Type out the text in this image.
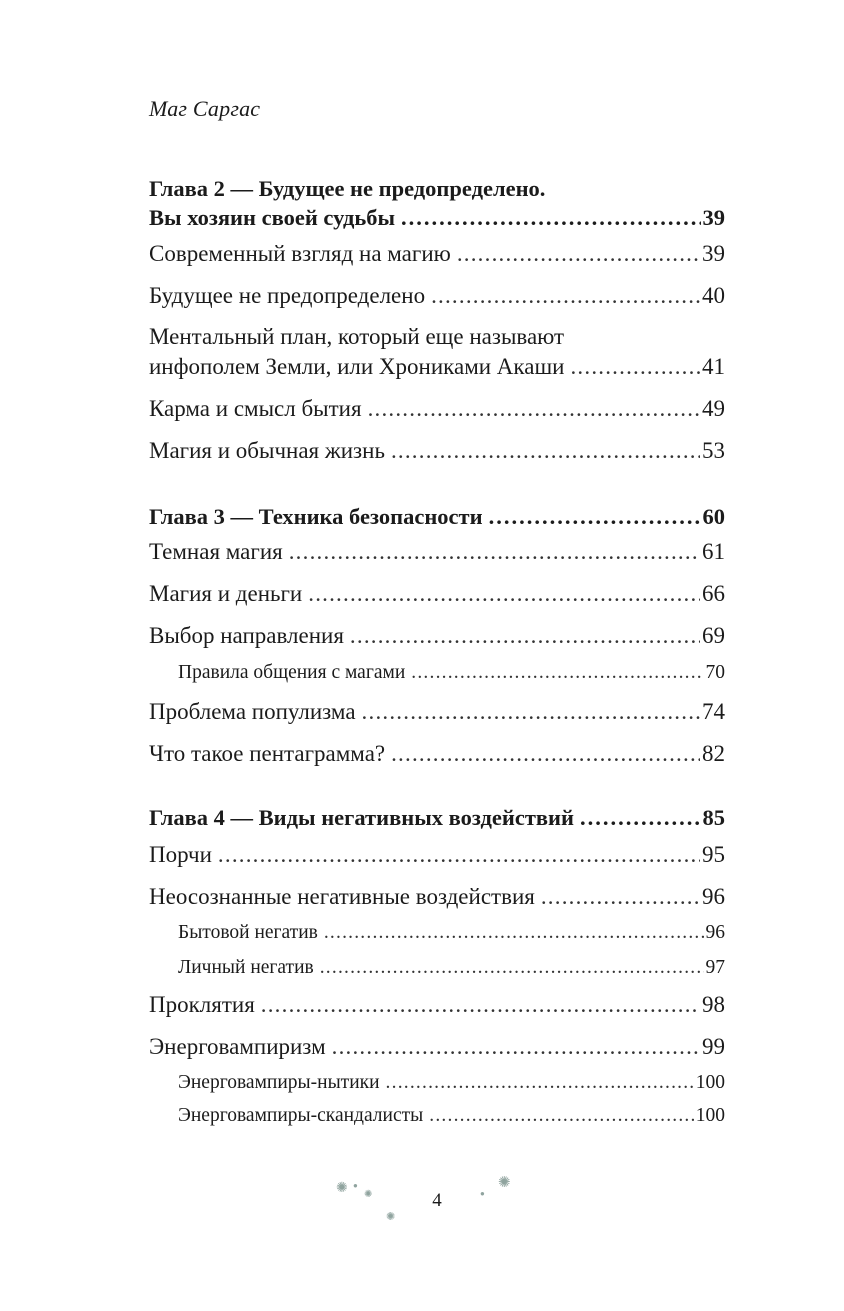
Маг Саргас
Глава 2 — Будущее не предопределено.
Вы хозяин своей судьбы .....	39
Современный взгляд на магию .....	39
Будущее не предопределено .....	40
Ментальный план, который еще называют
инфополем Земли, или Хрониками Акаши .....	41
Карма и смысл бытия .....	49
Магия и обычная жизнь .....	53
Глава 3 — Техника безопасности .....	60
Темная магия .....	61
Магия и деньги .....	66
Выбор направления .....	69
Правила общения с магами .....	70
Проблема популизма .....	74
Что такое пентаграмма? .....	82
Глава 4 — Виды негативных воздействий .....	85
Порчи .....	95
Неосознанные негативные воздействия .....	96
Бытовой негатив .....	96
Личный негатив .....	97
Проклятия .....	98
Энерговампиризм .....	99
Энерговампиры-нытики .....	100
Энерговампиры-скандалисты .....	100
✺ ●
✺
✺
4	●
✺
